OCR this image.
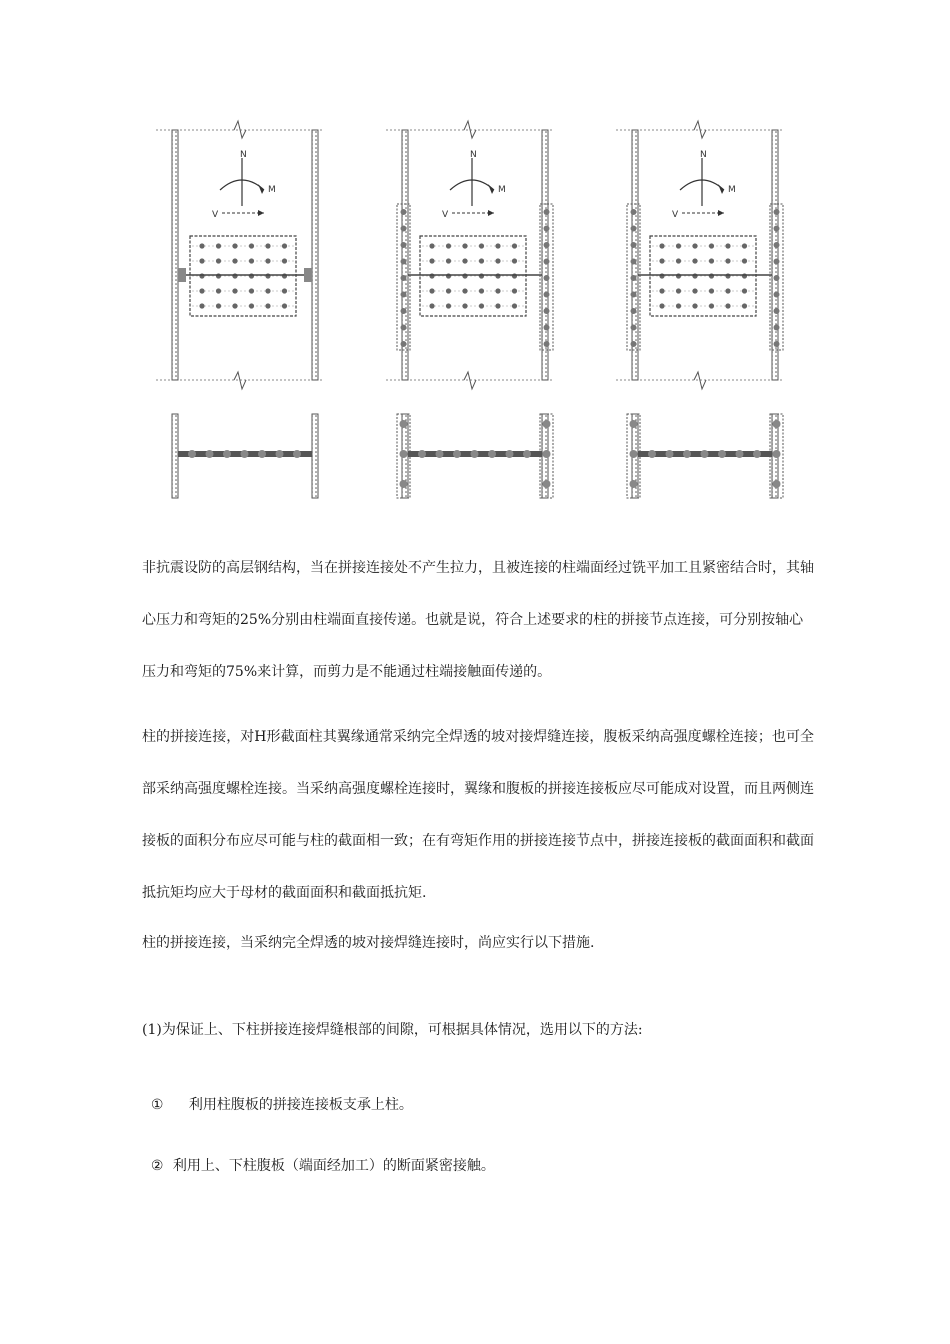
N
M
V
N
M
V
N
M
V

非抗震设防的高层钢结构，当在拼接连接处不产生拉力，且被连接的柱端面经过铣平加工且紧密结合时，其轴心压力和弯矩的25%分别由柱端面直接传递。也就是说，符合上述要求的柱的拼接节点连接，可分别按轴心压力和弯矩的75%来计算，而剪力是不能通过柱端接触面传递的。

柱的拼接连接，对H形截面柱其翼缘通常采纳完全焊透的坡对接焊缝连接，腹板采纳高强度螺栓连接；也可全部采纳高强度螺栓连接。当采纳高强度螺栓连接时，翼缘和腹板的拼接连接板应尽可能成对设置，而且两侧连接板的面积分布应尽可能与柱的截面相一致；在有弯矩作用的拼接连接节点中，拼接连接板的截面面积和截面抵抗矩均应大于母材的截面面积和截面抵抗矩.

柱的拼接连接，当采纳完全焊透的坡对接焊缝连接时，尚应实行以下措施.

(1)为保证上、下柱拼接连接焊缝根部的间隙，可根据具体情况，选用以下的方法:

① 利用柱腹板的拼接连接板支承上柱。

② 利用上、下柱腹板（端面经加工）的断面紧密接触。
